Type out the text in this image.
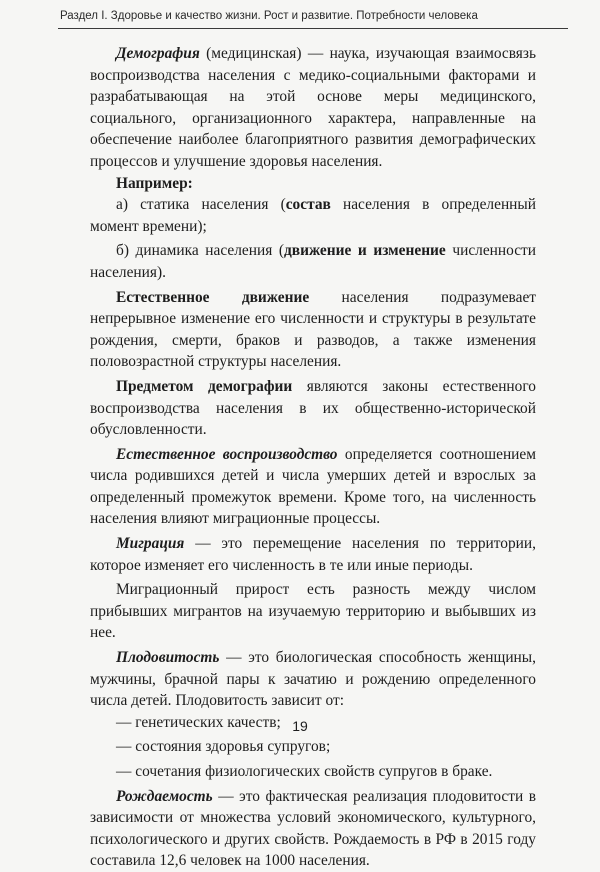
Раздел I. Здоровье и качество жизни. Рост и развитие. Потребности человека

Демография (медицинская) — наука, изучающая взаимосвязь воспроизводства населения с медико-социальными факторами и разрабатывающая на этой основе меры медицинского, социального, организационного характера, направленные на обеспечение наиболее благоприятного развития демографических процессов и улучшение здоровья населения.

Например:

а) статика населения (состав населения в определенный момент времени);

б) динамика населения (движение и изменение численности населения).

Естественное движение населения подразумевает непрерывное изменение его численности и структуры в результате рождения, смерти, браков и разводов, а также изменения половозрастной структуры населения.

Предметом демографии являются законы естественного воспроизводства населения в их общественно-исторической обусловленности.

Естественное воспроизводство определяется соотношением числа родившихся детей и числа умерших детей и взрослых за определенный промежуток времени. Кроме того, на численность населения влияют миграционные процессы.

Миграция — это перемещение населения по территории, которое изменяет его численность в те или иные периоды.

Миграционный прирост есть разность между числом прибывших мигрантов на изучаемую территорию и выбывших из нее.

Плодовитость — это биологическая способность женщины, мужчины, брачной пары к зачатию и рождению определенного числа детей. Плодовитость зависит от:

— генетических качеств;

— состояния здоровья супругов;

— сочетания физиологических свойств супругов в браке.

Рождаемость — это фактическая реализация плодовитости в зависимости от множества условий экономического, культурного, психологического и других свойств. Рождаемость в РФ в 2015 году составила 12,6 человек на 1000 населения.

19
